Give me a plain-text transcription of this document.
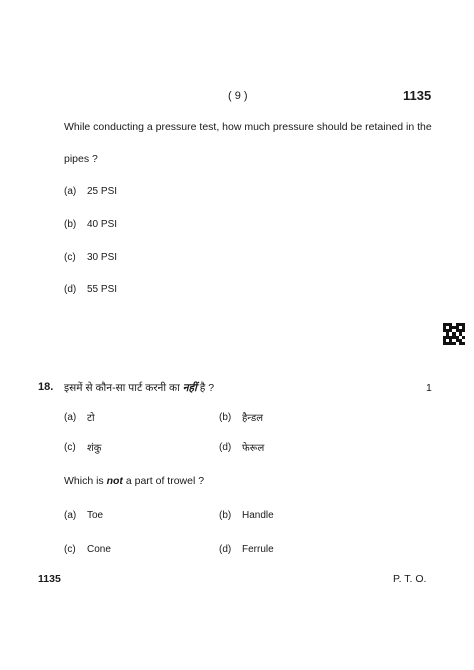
( 9 )	1135
While conducting a pressure test, how much pressure should be retained in the
pipes ?
(a) 25 PSI
(b) 40 PSI
(c) 30 PSI
(d) 55 PSI
18. इसमें से कौन-सा पार्ट करनी का नहीं है ?	1
(a) टो	(b) हैन्डल
(c) शंकु	(d) फेरूल
Which is not a part of trowel ?
(a) Toe	(b) Handle
(c) Cone	(d) Ferrule
1135	P. T. O.
